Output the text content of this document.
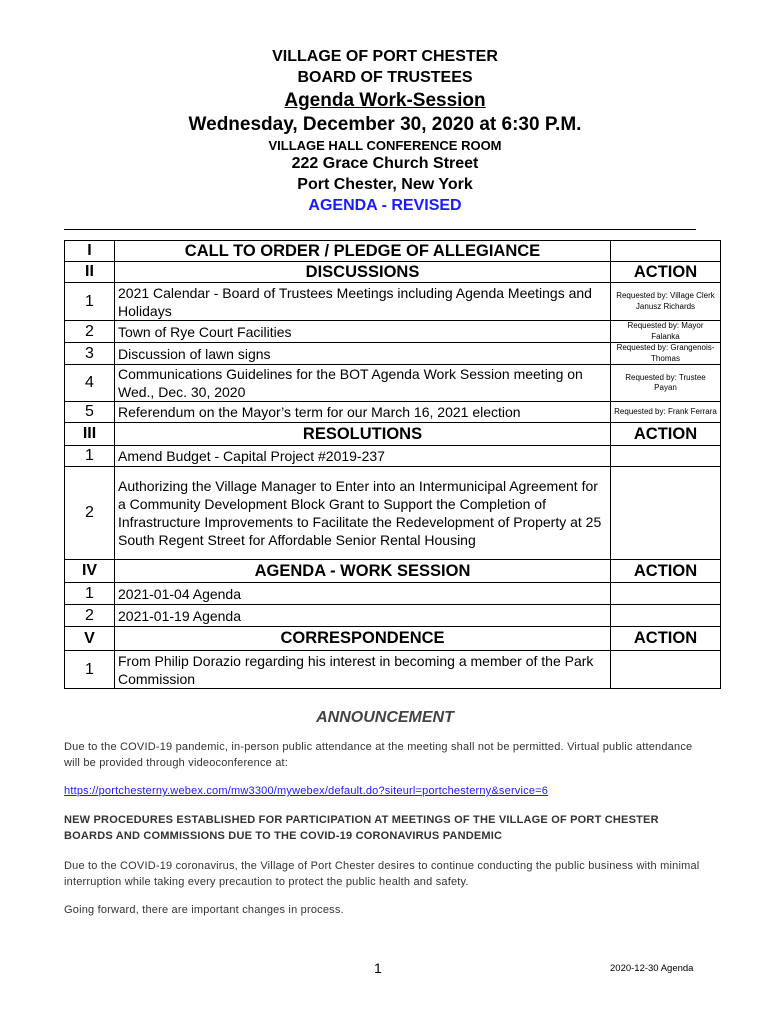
VILLAGE OF PORT CHESTER
BOARD OF TRUSTEES
Agenda Work-Session
Wednesday, December 30, 2020 at 6:30 P.M.
VILLAGE HALL CONFERENCE ROOM
222 Grace Church Street
Port Chester, New York
AGENDA - REVISED
I	CALL TO ORDER / PLEDGE OF ALLEGIANCE	
II	DISCUSSIONS	ACTION
1	2021 Calendar - Board of Trustees Meetings including Agenda Meetings and Holidays	Requested by: Village Clerk Janusz Richards
2	Town of Rye Court Facilities	Requested by: Mayor Falanka
3	Discussion of lawn signs	Requested by: Grangenois-Thomas
4	Communications Guidelines for the BOT Agenda Work Session meeting on Wed., Dec. 30, 2020	Requested by: Trustee Payan
5	Referendum on the Mayor’s term for our March 16, 2021 election	Requested by: Frank Ferrara
III	RESOLUTIONS	ACTION
1	Amend Budget - Capital Project #2019-237	
2	Authorizing the Village Manager to Enter into an Intermunicipal Agreement for a Community Development Block Grant to Support the Completion of Infrastructure Improvements to Facilitate the Redevelopment of Property at 25 South Regent Street for Affordable Senior Rental Housing	
IV	AGENDA - WORK SESSION	ACTION
1	2021-01-04 Agenda	
2	2021-01-19 Agenda	
V	CORRESPONDENCE	ACTION
1	From Philip Dorazio regarding his interest in becoming a member of the Park Commission	
ANNOUNCEMENT
Due to the COVID-19 pandemic, in-person public attendance at the meeting shall not be permitted. Virtual public attendance will be provided through videoconference at:
https://portchesterny.webex.com/mw3300/mywebex/default.do?siteurl=portchesterny&service=6
NEW PROCEDURES ESTABLISHED FOR PARTICIPATION AT MEETINGS OF THE VILLAGE OF PORT CHESTER BOARDS AND COMMISSIONS DUE TO THE COVID-19 CORONAVIRUS PANDEMIC
Due to the COVID-19 coronavirus, the Village of Port Chester desires to continue conducting the public business with minimal interruption while taking every precaution to protect the public health and safety.
Going forward, there are important changes in process.
1	2020-12-30 Agenda
